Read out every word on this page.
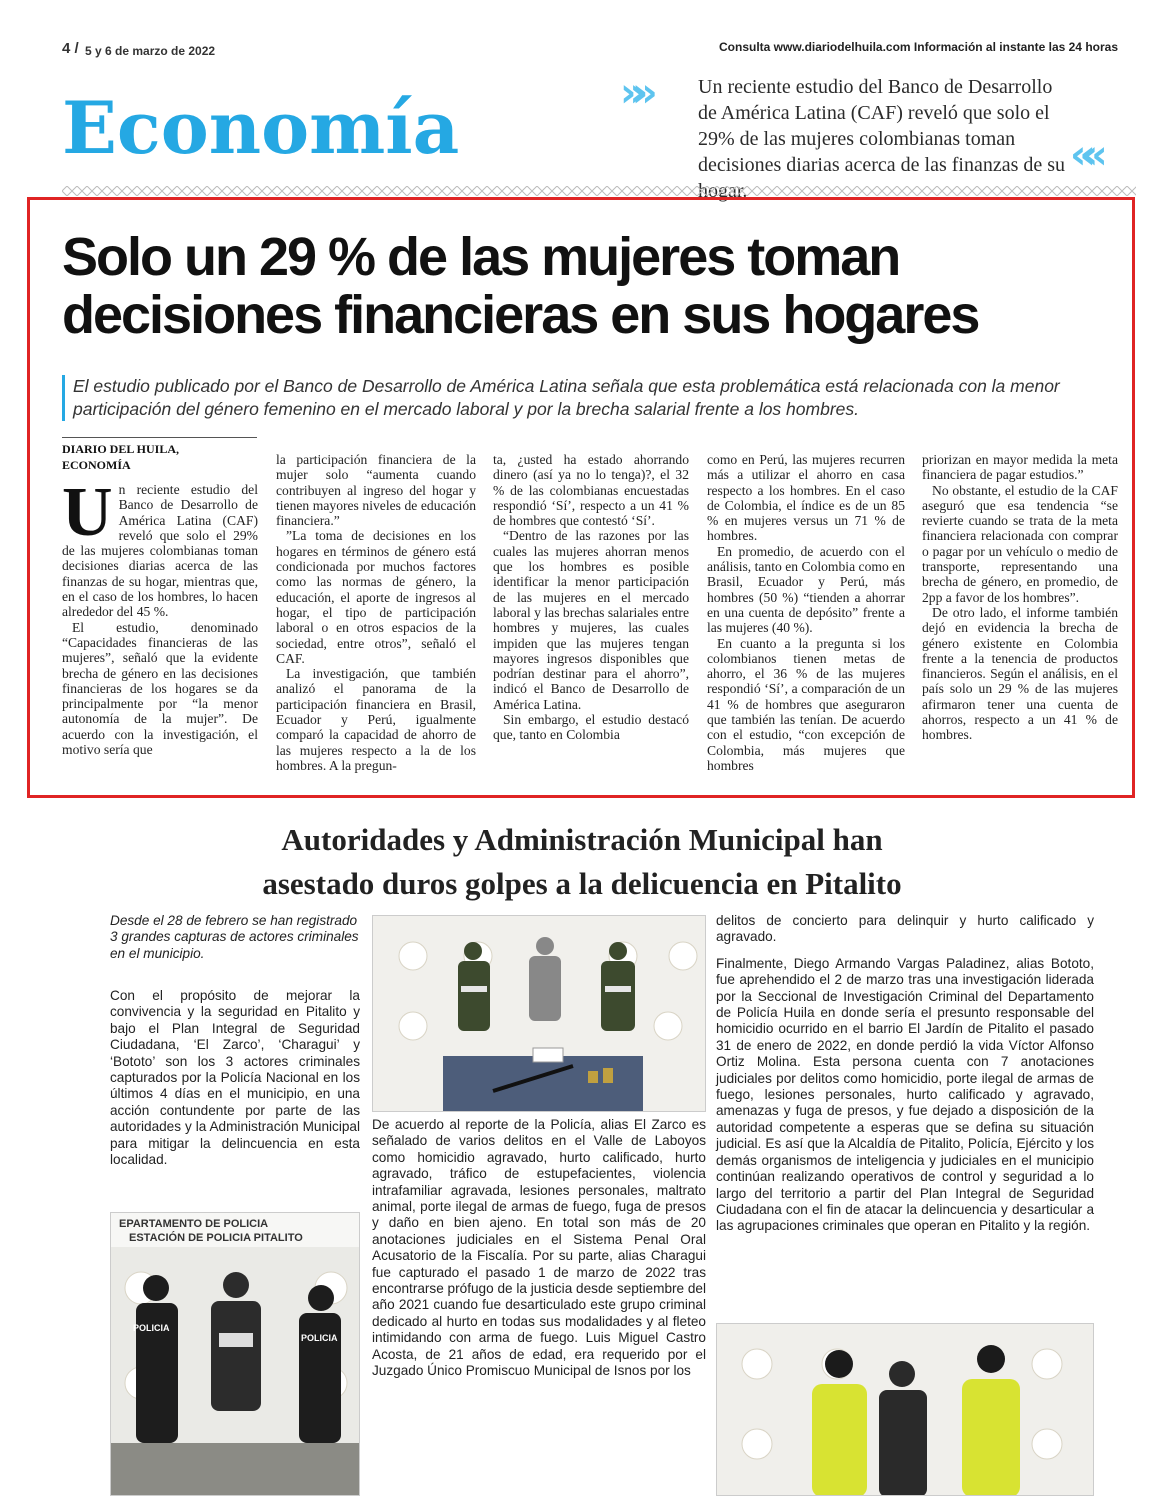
4 / 5 y 6 de marzo de 2022	Consulta www.diariodelhuila.com Información al instante las 24 horas
Economía	»»	Un reciente estudio del Banco de Desarrollo de América Latina (CAF) reveló que solo el 29% de las mujeres colombianas toman decisiones diarias acerca de las finanzas de su ««
Solo un 29 % de las mujeres toman decisiones financieras en sus hogares
El estudio publicado por el Banco de Desarrollo de América Latina señala que esta problemática está relacionada con la menor participación del género femenino en el mercado laboral y por la brecha salarial frente a los hombres.
DIARIO DEL HUILA,
ECONOMÍA
U n reciente estudio del Banco de Desarrollo de América Latina (CAF) reveló que solo el 29% de las mujeres colombianas toman decisiones diarias acerca de las finanzas de su hogar, mientras que, en el caso de los hombres, lo hacen alrededor del 45 %.

El estudio, denominado “Capacidades financieras de las mujeres”, señaló que la evidente brecha de género en las decisiones financieras de los hogares se da principalmente por “la menor autonomía de la mujer”. De acuerdo con la investigación, el motivo sería que

la participación financiera de la mujer solo “aumenta cuando contribuyen al ingreso del hogar y tienen mayores niveles de educación financiera.”

”La toma de decisiones en los hogares en términos de género está condicionada por muchos factores como las normas de género, la educación, el aporte de ingresos al hogar, el tipo de participación laboral o en otros espacios de la sociedad, entre otros”, señaló el CAF.

La investigación, que también analizó el panorama de la participación financiera en Brasil, Ecuador y Perú, igualmente comparó la capacidad de ahorro de las mujeres respecto a la de los hombres. A la pregun-

ta, ¿usted ha estado ahorrando dinero (así ya no lo tenga)?, el 32 % de las colombianas encuestadas respondió ‘Sí’, respecto a un 41 % de hombres que contestó ‘Sí’.

“Dentro de las razones por las cuales las mujeres ahorran menos que los hombres es posible identificar la menor participación de las mujeres en el mercado laboral y las brechas salariales entre hombres y mujeres, las cuales impiden que las mujeres tengan mayores ingresos disponibles que podrían destinar para el ahorro”, indicó el Banco de Desarrollo de América Latina.

Sin embargo, el estudio destacó que, tanto en Colombia

como en Perú, las mujeres recurren más a utilizar el ahorro en casa respecto a los hombres. En el caso de Colombia, el índice es de un 85 % en mujeres versus un 71 % de hombres.

En promedio, de acuerdo con el análisis, tanto en Colombia como en Brasil, Ecuador y Perú, más hombres (50 %) “tienden a ahorrar en una cuenta de depósito” frente a las mujeres (40 %).

En cuanto a la pregunta si los colombianos tienen metas de ahorro, el 36 % de las mujeres respondió ‘Sí’, a comparación de un 41 % de hombres que aseguraron que también las tenían. De acuerdo con el estudio, “con excepción de Colombia, más mujeres que hombres

priorizan en mayor medida la meta financiera de pagar estudios.”

No obstante, el estudio de la CAF aseguró que esa tendencia “se revierte cuando se trata de la meta financiera relacionada con comprar o pagar por un vehículo o medio de transporte, representando una brecha de género, en promedio, de 2pp a favor de los hombres”.

De otro lado, el informe también dejó en evidencia la brecha de género existente en Colombia frente a la tenencia de productos financieros. Según el análisis, en el país solo un 29 % de las mujeres afirmaron tener una cuenta de ahorros, respecto a un 41 % de hombres.

Autoridades y Administración Municipal han
asestado duros golpes a la delicuencia en Pitalito
Desde el 28 de febrero se han registrado 3 grandes capturas de actores criminales en el municipio.

Con el propósito de mejorar la convivencia y la seguridad en Pitalito y bajo el Plan Integral de Seguridad Ciudadana, ‘El Zarco’, ‘Charagui’ y ‘Bototo’ son los 3 actores criminales capturados por la Policía Nacional en los últimos 4 días en el municipio, en una acción contundente por parte de las autoridades y la Administración Municipal para mitigar la delincuencia en esta localidad.

De acuerdo al reporte de la Policía, alias El Zarco es señalado de varios delitos en el Valle de Laboyos como homicidio agravado, hurto calificado, hurto agravado, tráfico de estupefacientes, violencia intrafamiliar agravada, lesiones personales, maltrato animal, porte ilegal de armas de fuego, fuga de presos y daño en bien ajeno. En total son más de 20 anotaciones judiciales en el Sistema Penal Oral Acusatorio de la Fiscalía. Por su parte, alias Charagui fue capturado el pasado 1 de marzo de 2022 tras encontrarse prófugo de la justicia desde septiembre del año 2021 cuando fue desarticulado este grupo criminal dedicado al hurto en todas sus modalidades y al fleteo intimidando con arma de fuego. Luis Miguel Castro Acosta, de 21 años de edad, era requerido por el Juzgado Único Promiscuo Municipal de Isnos por los

delitos de concierto para delinquir y hurto calificado y agravado.

Finalmente, Diego Armando Vargas Paladinez, alias Bototo, fue aprehendido el 2 de marzo tras una investigación liderada por la Seccional de Investigación Criminal del Departamento de Policía Huila en donde sería el presunto responsable del homicidio ocurrido en el barrio El Jardín de Pitalito el pasado 31 de enero de 2022, en donde perdió la vida Víctor Alfonso Ortiz Molina. Esta persona cuenta con 7 anotaciones judiciales por delitos como homicidio, porte ilegal de armas de fuego, lesiones personales, hurto calificado y agravado, amenazas y fuga de presos, y fue dejado a disposición de la autoridad competente a esperas que se defina su situación judicial. Es así que la Alcaldía de Pitalito, Policía, Ejército y los demás organismos de inteligencia y judiciales en el municipio continúan realizando operativos de control y seguridad a lo largo del territorio a partir del Plan Integral de Seguridad Ciudadana con el fin de atacar la delincuencia y desarticular a las agrupaciones criminales que operan en Pitalito y la región.

EPARTAMENTO DE POLICIA
ESTACIÓN DE POLICIA PITALITO
POLICIA
POLICIA
